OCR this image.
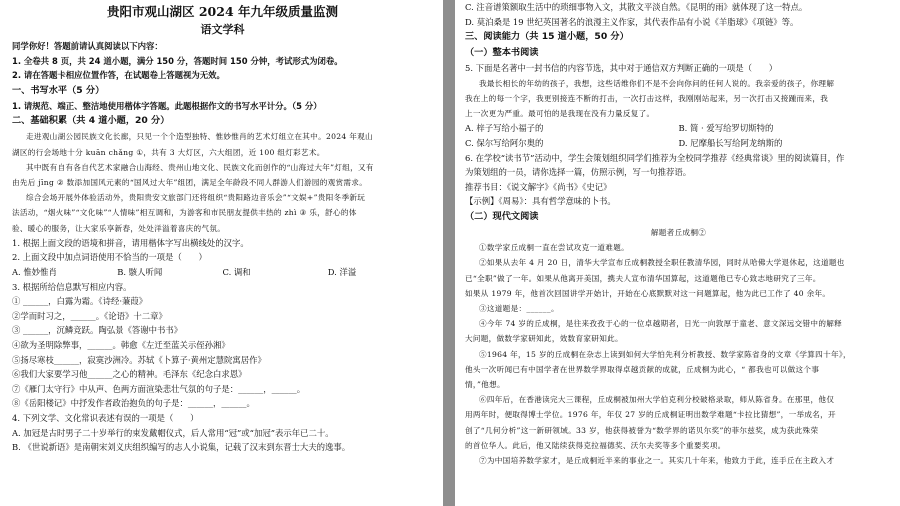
贵阳市观山湖区 2024 年九年级质量监测
语文学科
同学你好！答题前请认真阅读以下内容：
1. 全卷共 8 页，共 24 道小题，满分 150 分，答题时间 150 分钟，考试形式为闭卷。
2. 请在答题卡相应位置作答，在试题卷上答题视为无效。
一、书写水平（5 分）
1. 请规范、端正、整洁地使用楷体字答题。此题根据作文的书写水平计分。（5 分）
二、基础积累（共 4 道小题，20 分）
走进观山湖公园民族文化长廊，只见一个个造型独特、惟妙惟肖的艺术灯组立在其中。2024 年观山
湖区的行会场地十分 kuān chǎng ①，共有 3 大灯区，六大组团，近 100 组灯彩艺术。
其中既有自有各自代艺术家融合山海经、贵州山地文化、民族文化而创作的“山海过大年”灯组，又有
由先后 jīng ② 数添加国风元素的“国风过大年”组团，满足全年龄段不同人群游人们游园的观赏需求。
综合会场开展外体验活动外，贵阳贵安文旅部门还将组织“贵阳路边音乐会”“文娱+”贵阳冬季新玩
法活动，“烟火味”“文化味”“人情味”相互调和，为游客和市民朋友提供丰热的 zhì ③ 乐，舒心的体
验、暖心的服务，让大家乐享新春，处处洋溢着喜庆的气氛。
1. 根据上面文段的语境和拼音，请用楷体字写出横线处的汉字。
2. 上面文段中加点词语使用不恰当的一项是（　　）
A. 惟妙惟肖	B. 駭人听闻	C. 调和	D. 洋溢
3. 根据所给信息默写相应内容。
① ______，白露为霜。《诗经·蒹葭》
②学而时习之，______。《论语》十二章》
③ ______，沉鳞竞跃。陶弘景《答谢中书书》
④欲为圣明除弊事，______。韩愈《左迁至蓝关示侄孙湘》
⑤扬尽寒枝______，寂寞沙洲冷。苏轼《卜算子·黄州定慧院寓居作》
⑥我们大家要学习他______之心的精神。毛泽东《纪念白求恩》
⑦《雁门太守行》中从声、色两方面渲染悲壮气氛的句子是：______，______。
⑧《岳阳楼记》中抒发作者政治抱负的句子是：______，______。
4. 下列文学、文化常识表述有误的一项是（　　）
A. 加冠是古时男子二十岁举行的束发戴帽仪式，后人常用“冠”或“加冠”表示年已二十。
B. 《世说新语》是南朝宋刘义庆组织编写的志人小说集，记载了汉末到东晋士大夫的逸事。
C. 注音谱策额取生活中的琐细事物入文，其散文平淡自然。《昆明的雨》就体现了这一特点。
D. 莫泊桑是 19 世纪英国著名的浪漫主义作家，其代表作品有小说《羊脂球》《项链》等。
三、阅读能力（共 15 道小题，50 分）
（一）整本书阅读
5. 下面是名著中一封书信的内容节选，其中对于通信双方判断正确的一项是（　　）
我最长相长的年幼的孩子，我想，这些话维你们不是不会向你问的任何人说的。我亲爱的孩子，你理解
我在上的每一个字，我更别接连不断的打击，一次打击这样，我刚刚站起来，另一次打击又接踵而来，我
上一次更为严重。最可怕的是我现在没有力量反复了。
A. 梓子写给小福子的	B. 简 · 爱写给罗切斯特的
C. 保尔写给阿尔奥的	D. 尼摩船长写给阿龙纳斯的
6. 在学校“读书节”活动中，学生会策划组织同学们推荐为全校同学推荐《经典常谈》里的阅读篇目，作
为策划组的一员，请你选择一篇，仿照示例，写一句推荐语。
推荐书目：《说文解字》《尚书》《史记》
【示例】《周易》：具有哲学意味的卜书。
（二）现代文阅读
解题者丘成桐②
①数学家丘成桐一直在尝试攻克一道难题。
②如果从去年 4 月 20 日，清华大学宣布丘成桐教授全职任教清华园，同时从哈佛大学退休起，这道题也
已“全职”做了一年。如果从他离开美国，携夫人宣布清华国算起，这道题他已专心致志地研究了三年。
如果从 1979 年，他首次回国讲学开始计，开始在心底默默对这一问题算起，他为此已工作了 40 余年。
③这道题是：______。
④今年 74 岁的丘成桐，是往来孜孜于心的一位卓越期者，日光一向敦厚于童老、意文深远交错中的解释
大问题，做数学家研知此，效数育家研知此。
⑤1964 年，15 岁的丘成桐在杂志上读到如何大学怕先利分析教授、数学家陈省身的文章《学算四十年》，
他头一次听闻已有中国学者在世界数学界取得卓越贡献的成就，丘成桐为此心，“ 都我也可以做这个事
情，”他想。
⑥四年后，在香港读完大三课程，丘成桐被加州大学伯克利分校破格录取，师从陈省身。在那里，他仅
用两年时，便取得博士学位。1976 年，年仅 27 岁的丘成桐证明出数学难题“卡拉比猜想”，一举成名，开
创了“几何分析”这一新研领域。33 岁，他获得被誉为“数学界的诺贝尔奖”的菲尔兹奖，成为获此殊荣
的首位华人。此后，他又陆续获得克拉福德奖、沃尔夫奖等多个重要奖项。
⑦为中国培养数学家才，是丘成桐近半来的事业之一。其实几十年来，他致力于此，连手丘在主政入才
